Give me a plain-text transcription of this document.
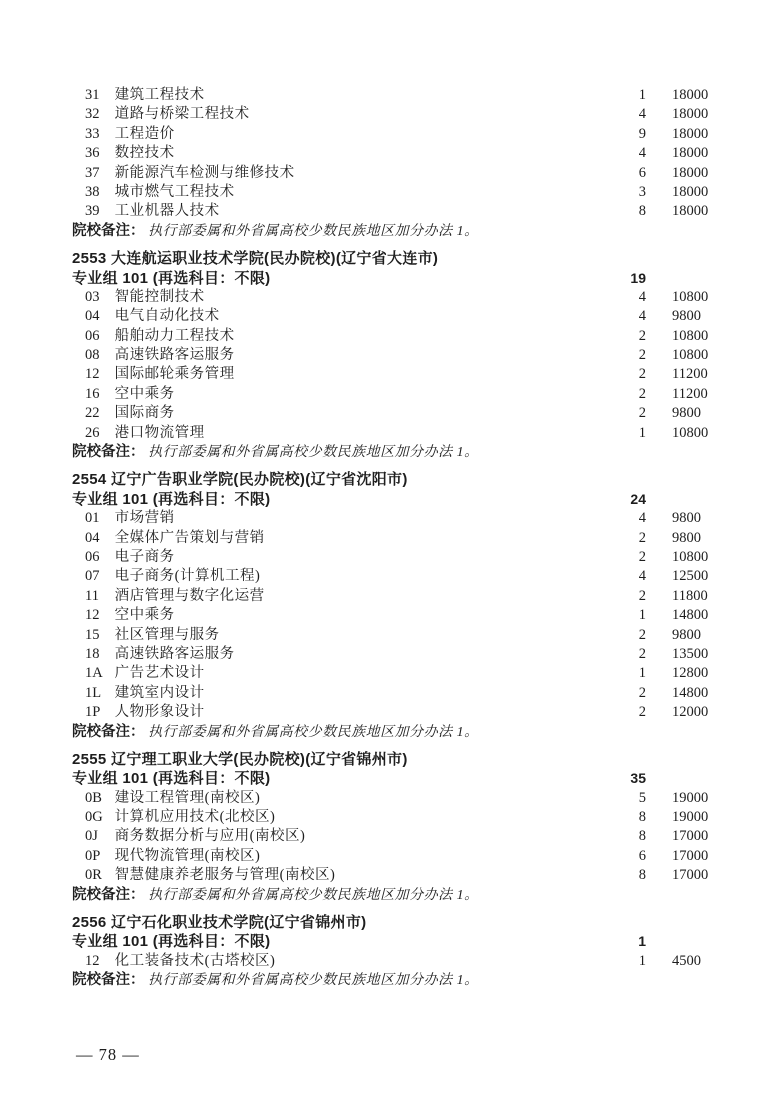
31 建筑工程技术	1 18000
32 道路与桥梁工程技术	4 18000
33 工程造价	9 18000
36 数控技术	4 18000
37 新能源汽车检测与维修技术	6 18000
38 城市燃气工程技术	3 18000
39 工业机器人技术	8 18000
院校备注： 执行部委属和外省属高校少数民族地区加分办法 1。
2553 大连航运职业技术学院(民办院校)(辽宁省大连市)
专业组 101 (再选科目：不限)	19
03 智能控制技术	4 10800
04 电气自动化技术	4 9800
06 船舶动力工程技术	2 10800
08 高速铁路客运服务	2 10800
12 国际邮轮乘务管理	2 11200
16 空中乘务	2 11200
22 国际商务	2 9800
26 港口物流管理	1 10800
院校备注： 执行部委属和外省属高校少数民族地区加分办法 1。
2554 辽宁广告职业学院(民办院校)(辽宁省沈阳市)
专业组 101 (再选科目：不限)	24
01 市场营销	4 9800
04 全媒体广告策划与营销	2 9800
06 电子商务	2 10800
07 电子商务(计算机工程)	4 12500
11 酒店管理与数字化运营	2 11800
12 空中乘务	1 14800
15 社区管理与服务	2 9800
18 高速铁路客运服务	2 13500
1A 广告艺术设计	1 12800
1L 建筑室内设计	2 14800
1P 人物形象设计	2 12000
院校备注： 执行部委属和外省属高校少数民族地区加分办法 1。
2555 辽宁理工职业大学(民办院校)(辽宁省锦州市)
专业组 101 (再选科目：不限)	35
0B 建设工程管理(南校区)	5 19000
0G 计算机应用技术(北校区)	8 19000
0J 商务数据分析与应用(南校区)	8 17000
0P 现代物流管理(南校区)	6 17000
0R 智慧健康养老服务与管理(南校区)	8 17000
院校备注： 执行部委属和外省属高校少数民族地区加分办法 1。
2556 辽宁石化职业技术学院(辽宁省锦州市)
专业组 101 (再选科目：不限)	1
12 化工装备技术(古塔校区)	1 4500
院校备注： 执行部委属和外省属高校少数民族地区加分办法 1。
— 78 —
